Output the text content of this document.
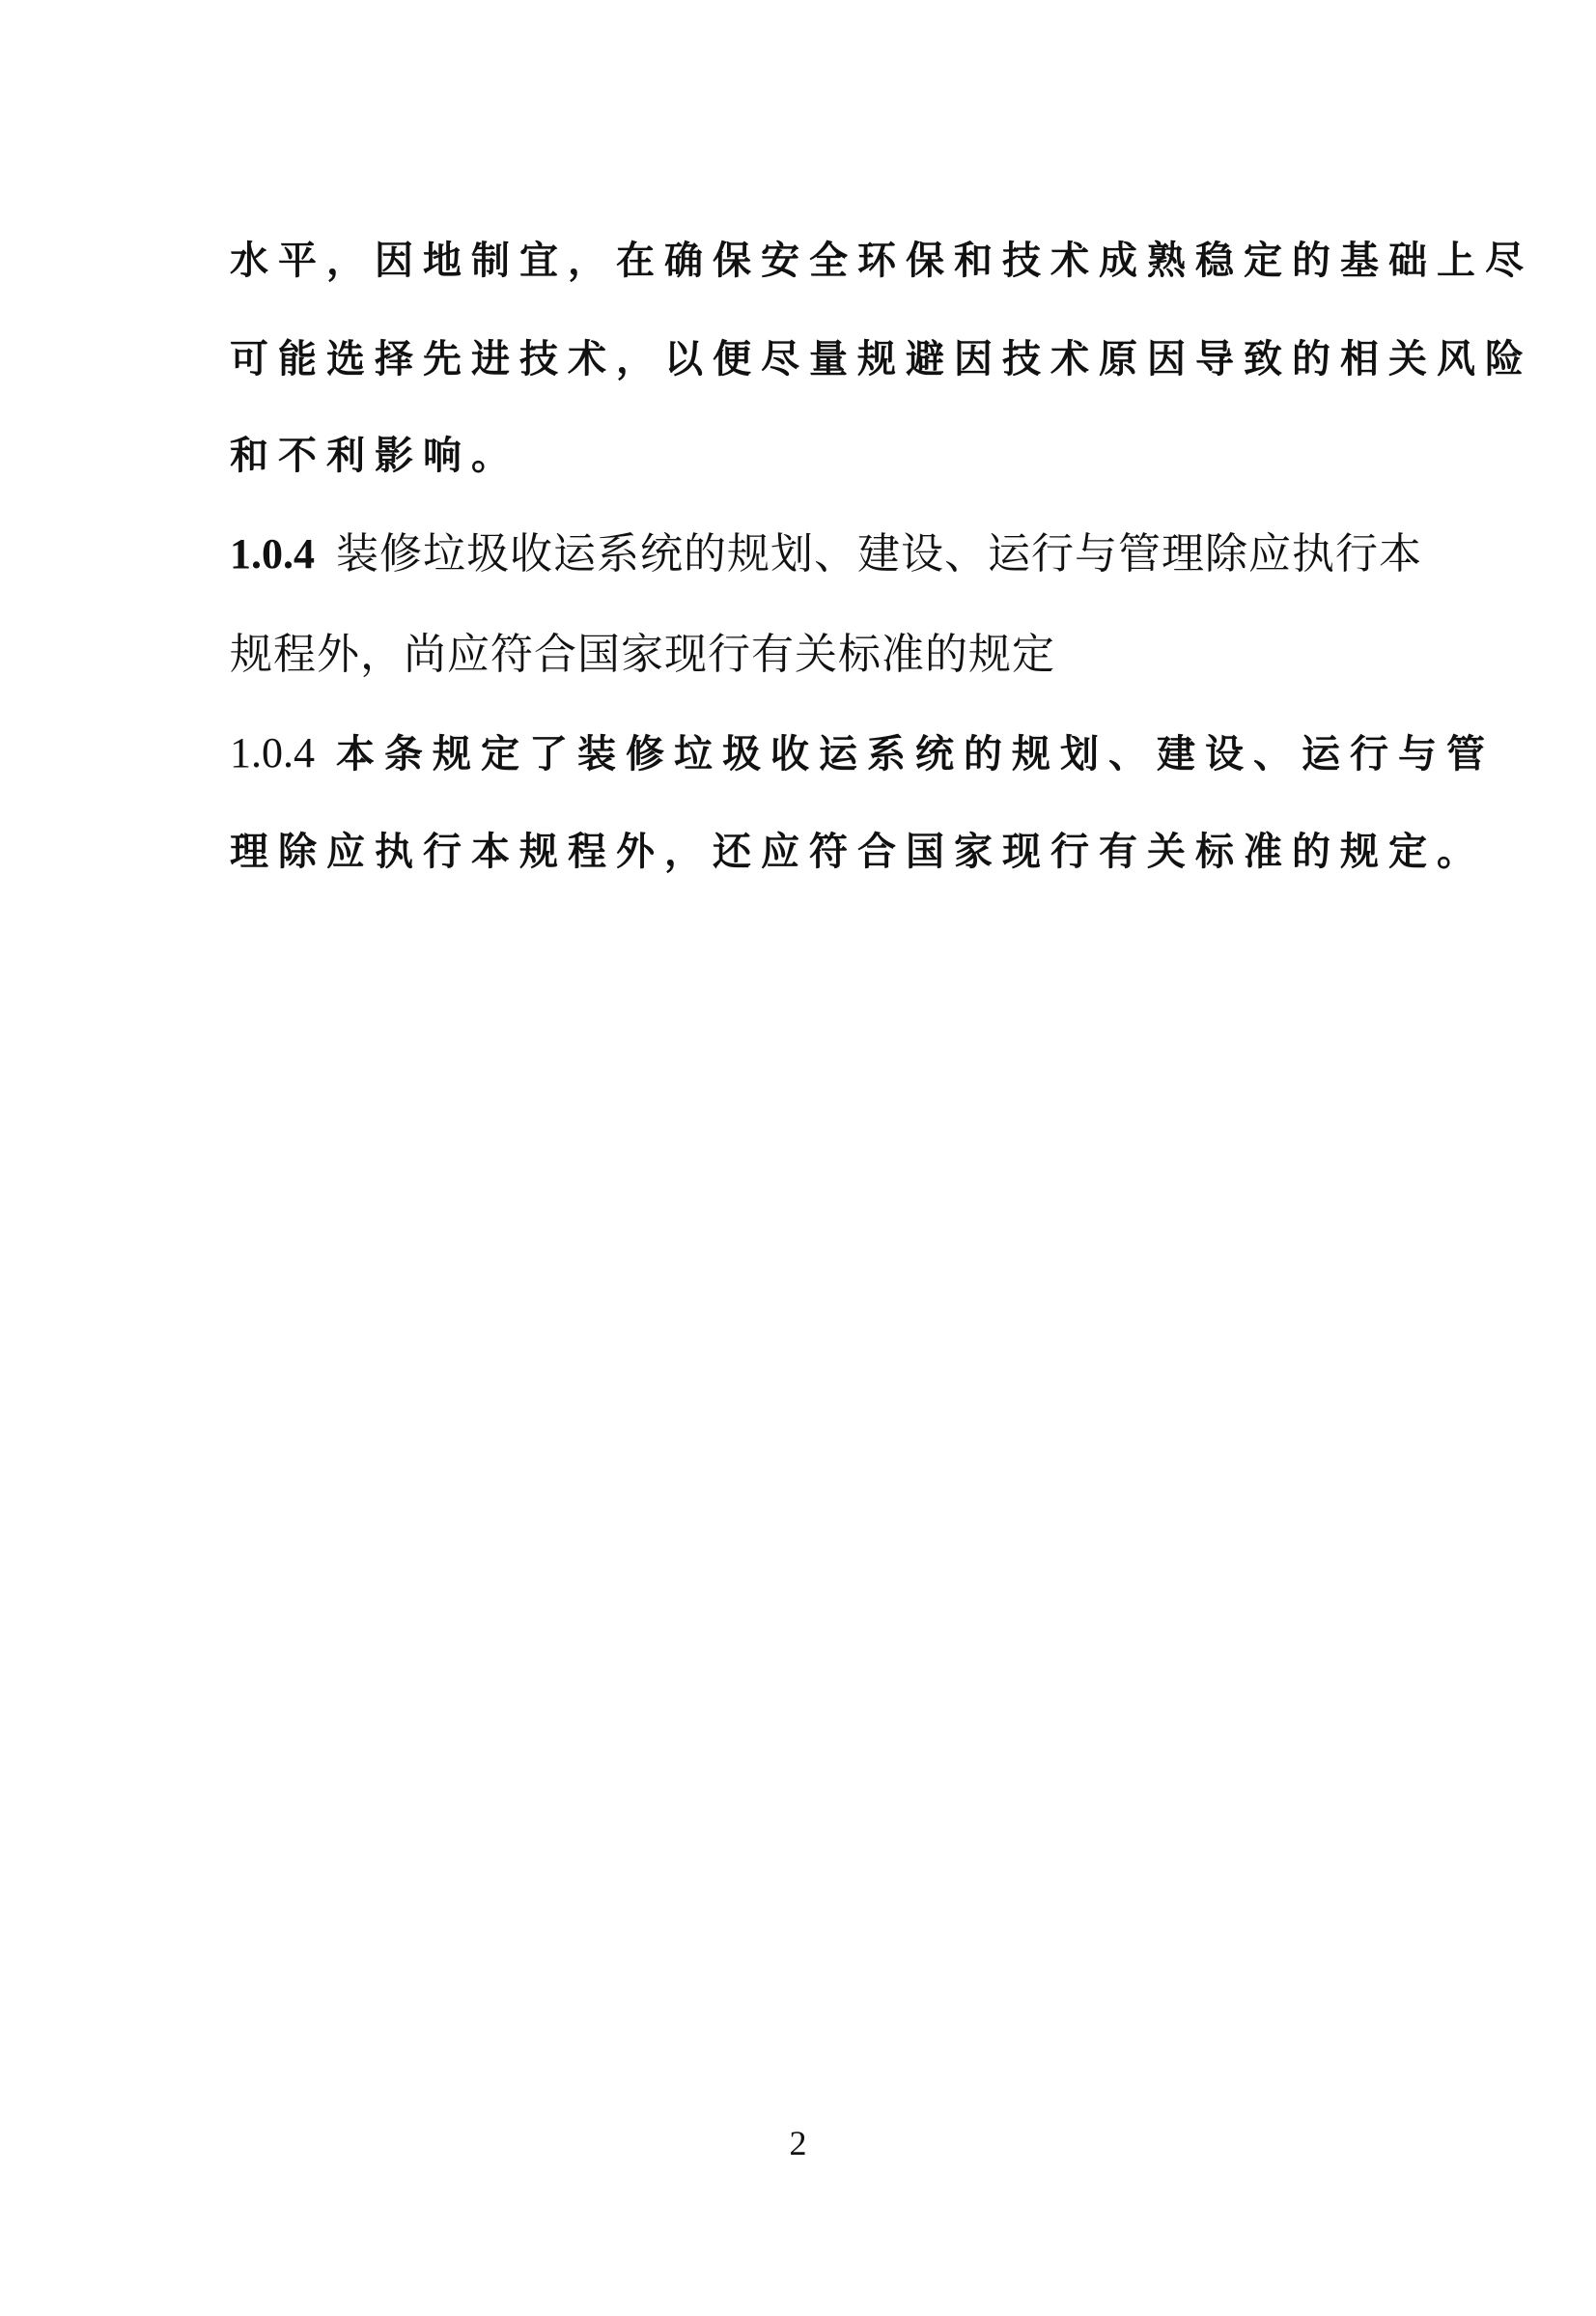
水平，因地制宜，在确保安全环保和技术成熟稳定的基础上尽
可能选择先进技术，以便尽量规避因技术原因导致的相关风险
和不利影响。
1.0.4 装修垃圾收运系统的规划、建设、运行与管理除应执行本
规程外，尚应符合国家现行有关标准的规定
1.0.4 本条规定了装修垃圾收运系统的规划、建设、运行与管
理除应执行本规程外，还应符合国家现行有关标准的规定。
2
